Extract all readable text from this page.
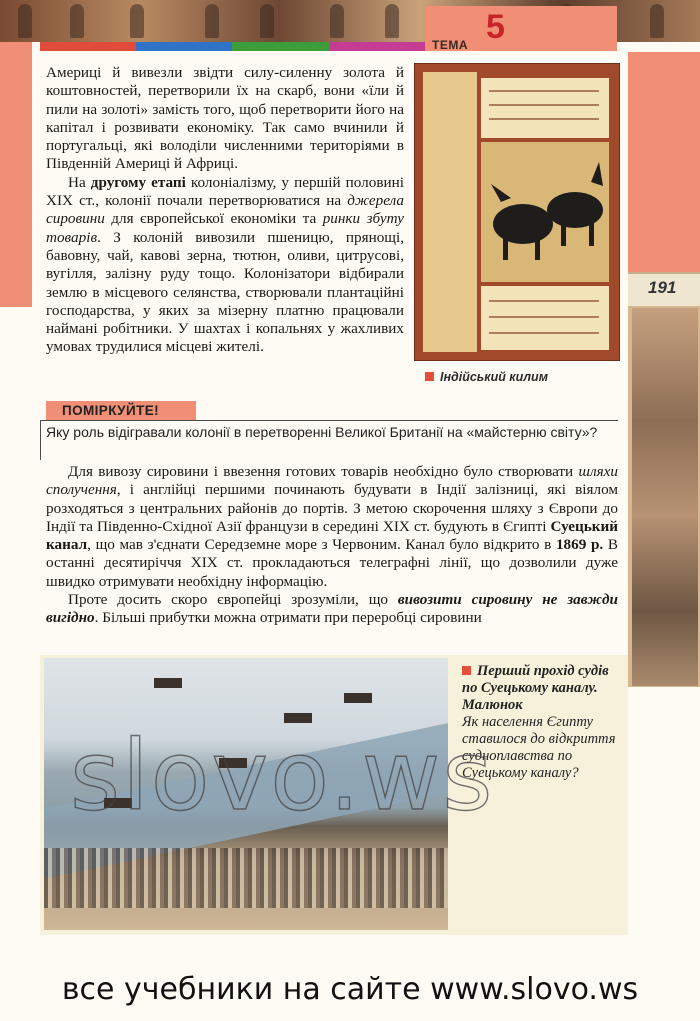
ТЕМА 5
191

Америці й вивезли звідти силу-силенну золота й коштовностей, перетворили їх на скарб, вони «їли й пили на золоті» замість того, щоб перетворити його на капітал і розвивати економіку. Так само вчинили й португальці, які володіли численними територіями в Південній Америці й Африці.

На другому етапі колоніалізму, у першій половині XIX ст., колонії почали перетворюватися на джерела сировини для європейської економіки та ринки збуту товарів. З колоній вивозили пшеницю, прянощі, бавовну, чай, кавові зерна, тютюн, оливи, цитрусові, вугілля, залізну руду тощо. Колонізатори відбирали землю в місцевого селянства, створювали плантаційні господарства, у яких за мізерну платню працювали наймані робітники. У шахтах і копальнях у жахливих умовах трудилися місцеві жителі.

Індійський килим
ПОМІРКУЙТЕ!
Яку роль відігравали колонії в перетворенні Великої Британії на «майстерню світу»?

Для вивозу сировини і ввезення готових товарів необхідно було створювати шляхи сполучення, і англійці першими починають будувати в Індії залізниці, які віялом розходяться з центральних районів до портів. З метою скорочення шляху з Європи до Індії та Південно-Східної Азії французи в середині XIX ст. будують в Єгипті Суецький канал, що мав з'єднати Середземне море з Червоним. Канал було відкрито в 1869 р. В останні десятиріччя XIX ст. прокладаються телеграфні лінії, що дозволили дуже швидко отримувати необхідну інформацію.

Проте досить скоро європейці зрозуміли, що вивозити сировину не завжди вигідно. Більші прибутки можна отримати при переробці сировини

Перший прохід судів по Суецькому каналу. Малюнок
Як населення Єгипту ставилося до відкриття судноплавства по Суецькому каналу?
slovo.ws
все учебники на сайте www.slovo.ws
